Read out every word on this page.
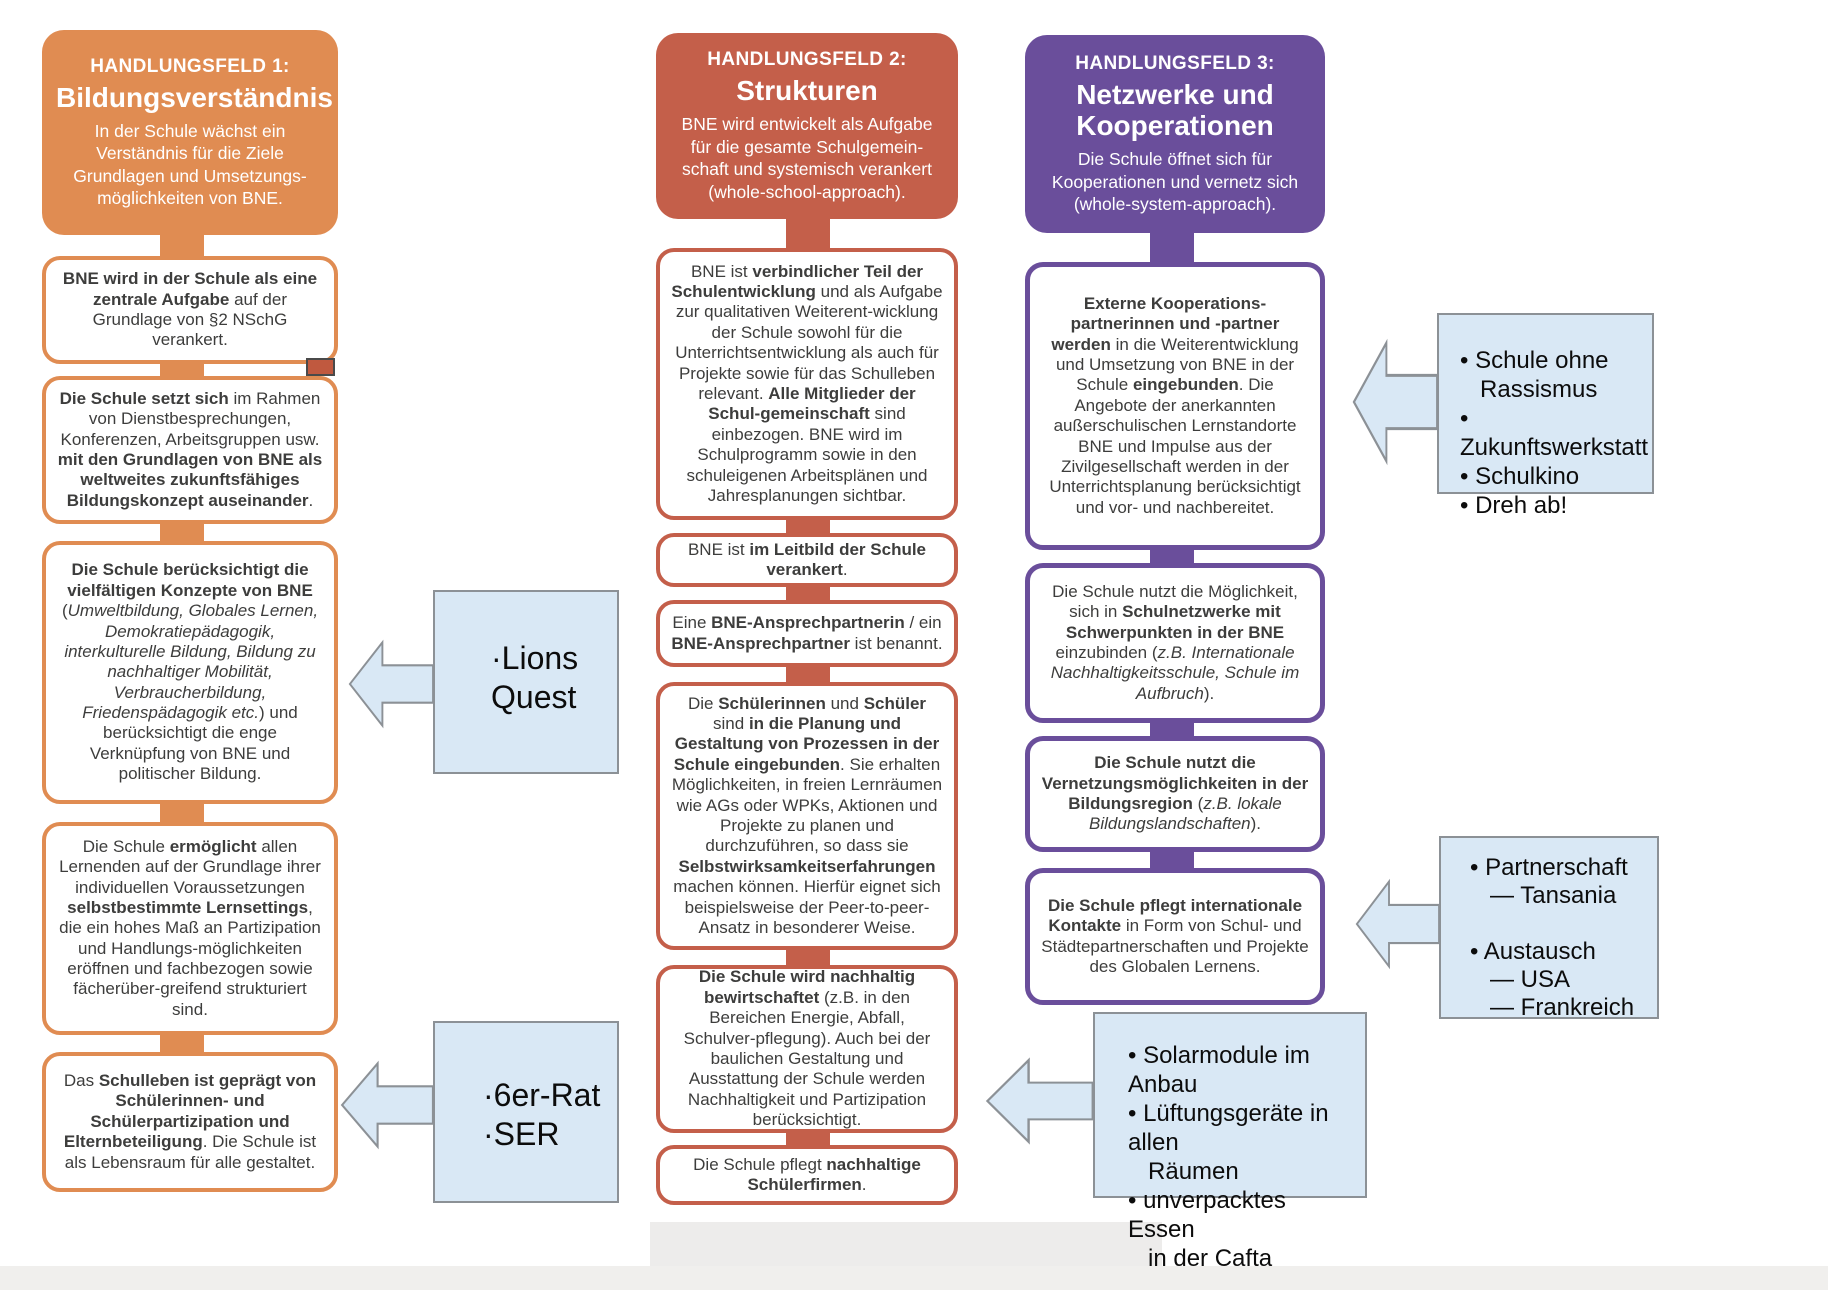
HANDLUNGSFELD 1:
Bildungsverständnis
In der Schule wächst ein Verständnis für die Ziele Grundlagen und Umsetzungs-möglichkeiten von BNE.
BNE wird in der Schule als eine zentrale Aufgabe auf der Grundlage von §2 NSchG verankert.
Die Schule setzt sich im Rahmen von Dienstbesprechungen, Konferenzen, Arbeitsgruppen usw. mit den Grundlagen von BNE als weltweites zukunftsfähiges Bildungskonzept auseinander.
Die Schule berücksichtigt die vielfältigen Konzepte von BNE (Umweltbildung, Globales Lernen, Demokratiepädagogik, interkulturelle Bildung, Bildung zu nachhaltiger Mobilität, Verbraucherbildung, Friedenspädagogik etc.) und berücksichtigt die enge Verknüpfung von BNE und politischer Bildung.
Die Schule ermöglicht allen Lernenden auf der Grundlage ihrer individuellen Voraussetzungen selbstbestimmte Lernsettings, die ein hohes Maß an Partizipation und Handlungs-möglichkeiten eröffnen und fachbezogen sowie fächerüber-greifend strukturiert sind.
Das Schulleben ist geprägt von Schülerinnen- und Schülerpartizipation und Elternbeteiligung. Die Schule ist als Lebensraum für alle gestaltet.
HANDLUNGSFELD 2:
Strukturen
BNE wird entwickelt als Aufgabe für die gesamte Schulgemein-schaft und systemisch verankert (whole-school-approach).
BNE ist verbindlicher Teil der Schulentwicklung und als Aufgabe zur qualitativen Weiterent-wicklung der Schule sowohl für die Unterrichtsentwicklung als auch für Projekte sowie für das Schulleben relevant. Alle Mitglieder der Schul-gemeinschaft sind einbezogen. BNE wird im Schulprogramm sowie in den schuleigenen Arbeitsplänen und Jahresplanungen sichtbar.
BNE ist im Leitbild der Schule verankert.
Eine BNE-Ansprechpartnerin / ein BNE-Ansprechpartner ist benannt.
Die Schülerinnen und Schüler sind in die Planung und Gestaltung von Prozessen in der Schule eingebunden. Sie erhalten Möglichkeiten, in freien Lernräumen wie AGs oder WPKs, Aktionen und Projekte zu planen und durchzuführen, so dass sie Selbstwirksamkeitserfahrungen machen können. Hierfür eignet sich beispielsweise der Peer-to-peer-Ansatz in besonderer Weise.
Die Schule wird nachhaltig bewirtschaftet (z.B. in den Bereichen Energie, Abfall, Schulver-pflegung). Auch bei der baulichen Gestaltung und Ausstattung der Schule werden Nachhaltigkeit und Partizipation berücksichtigt.
Die Schule pflegt nachhaltige Schülerfirmen.
HANDLUNGSFELD 3:
Netzwerke und Kooperationen
Die Schule öffnet sich für Kooperationen und vernetz sich (whole-system-approach).
Externe Kooperations-partnerinnen und -partner werden in die Weiterentwicklung und Umsetzung von BNE in der Schule eingebunden. Die Angebote der anerkannten außerschulischen Lernstandorte BNE und Impulse aus der Zivilgesellschaft werden in der Unterrichtsplanung berücksichtigt und vor- und nachbereitet.
Die Schule nutzt die Möglichkeit, sich in Schulnetzwerke mit Schwerpunkten in der BNE einzubinden (z.B. Internationale Nachhaltigkeitsschule, Schule im Aufbruch).
Die Schule nutzt die Vernetzungsmöglichkeiten in der Bildungsregion (z.B. lokale Bildungslandschaften).
Die Schule pflegt internationale Kontakte in Form von Schul- und Städtepartnerschaften und Projekte des Globalen Lernens.
• Schule ohne
Rassismus
• Zukunftswerkstatt
• Schulkino
• Dreh ab!
·Lions
Quest
·6er-Rat
·SER
• Partnerschaft
— Tansania

• Austausch
— USA
— Frankreich
• Solarmodule im Anbau
• Lüftungsgeräte in allen
Räumen
• unverpacktes Essen
in der Cafta
